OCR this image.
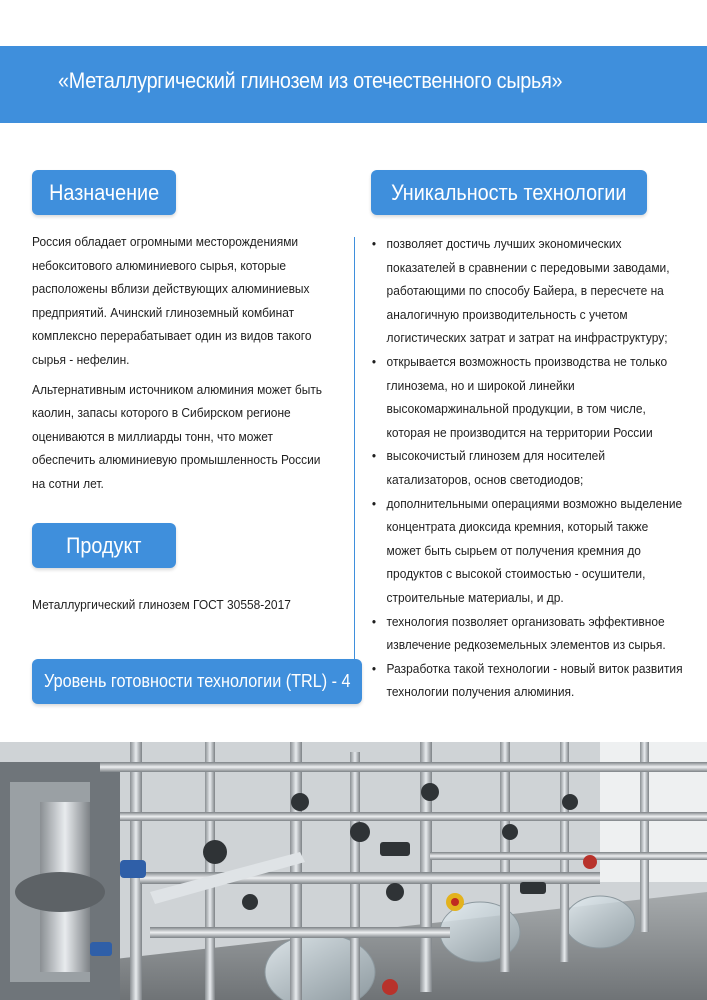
«Металлургический глинозем из отечественного сырья»
Назначение

Россия обладает огромными месторождениями небокситового алюминиевого сырья, которые расположены вблизи действующих алюминиевых предприятий. Ачинский глиноземный комбинат комплексно перерабатывает один из видов такого сырья - нефелин.

Альтернативным источником алюминия может быть каолин, запасы которого в Сибирском регионе оцениваются в миллиарды тонн, что может обеспечить алюминиевую промышленность России на сотни лет.

Продукт

Металлургический глинозем ГОСТ 30558-2017

Уровень готовности технологии (TRL) - 4
Уникальность технологии
• позволяет достичь лучших экономических показателей в сравнении с передовыми заводами, работающими по способу Байера, в пересчете на аналогичную производительность с учетом логистических затрат и затрат на инфраструктуру;
• открывается возможность производства не только глинозема, но и широкой линейки высокомаржинальной продукции, в том числе, которая не производится на территории России
• высокочистый глинозем для носителей катализаторов, основ светодиодов;
• дополнительными операциями возможно выделение концентрата диоксида кремния, который также может быть сырьем от получения кремния до продуктов с высокой стоимостью - осушители, строительные материалы, и др.
• технология позволяет организовать эффективное извлечение редкоземельных элементов из сырья.
• Разработка такой технологии - новый виток развития технологии получения алюминия.
